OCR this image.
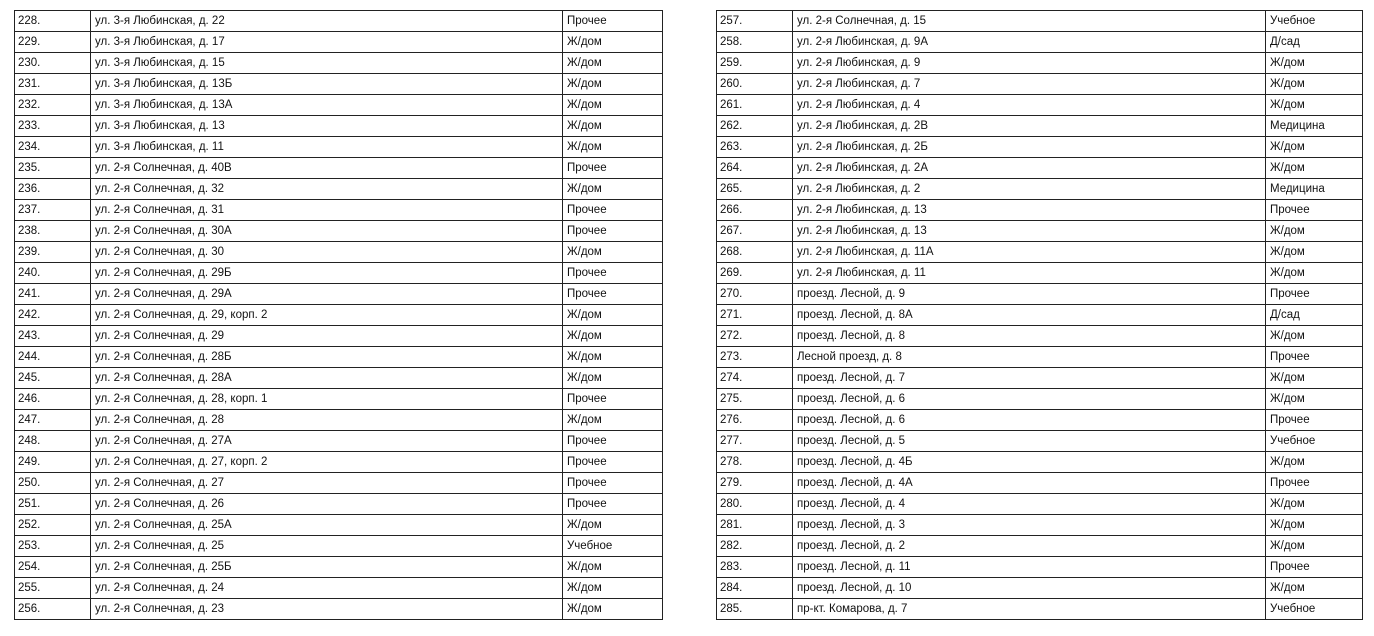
228.	ул. 3-я Любинская, д. 22	Прочее
229.	ул. 3-я Любинская, д. 17	Ж/дом
230.	ул. 3-я Любинская, д. 15	Ж/дом
231.	ул. 3-я Любинская, д. 13Б	Ж/дом
232.	ул. 3-я Любинская, д. 13А	Ж/дом
233.	ул. 3-я Любинская, д. 13	Ж/дом
234.	ул. 3-я Любинская, д. 11	Ж/дом
235.	ул. 2-я Солнечная, д. 40В	Прочее
236.	ул. 2-я Солнечная, д. 32	Ж/дом
237.	ул. 2-я Солнечная, д. 31	Прочее
238.	ул. 2-я Солнечная, д. 30А	Прочее
239.	ул. 2-я Солнечная, д. 30	Ж/дом
240.	ул. 2-я Солнечная, д. 29Б	Прочее
241.	ул. 2-я Солнечная, д. 29А	Прочее
242.	ул. 2-я Солнечная, д. 29, корп. 2	Ж/дом
243.	ул. 2-я Солнечная, д. 29	Ж/дом
244.	ул. 2-я Солнечная, д. 28Б	Ж/дом
245.	ул. 2-я Солнечная, д. 28А	Ж/дом
246.	ул. 2-я Солнечная, д. 28, корп. 1	Прочее
247.	ул. 2-я Солнечная, д. 28	Ж/дом
248.	ул. 2-я Солнечная, д. 27А	Прочее
249.	ул. 2-я Солнечная, д. 27, корп. 2	Прочее
250.	ул. 2-я Солнечная, д. 27	Прочее
251.	ул. 2-я Солнечная, д. 26	Прочее
252.	ул. 2-я Солнечная, д. 25А	Ж/дом
253.	ул. 2-я Солнечная, д. 25	Учебное
254.	ул. 2-я Солнечная, д. 25Б	Ж/дом
255.	ул. 2-я Солнечная, д. 24	Ж/дом
256.	ул. 2-я Солнечная, д. 23	Ж/дом
257.	ул. 2-я Солнечная, д. 15	Учебное
258.	ул. 2-я Любинская, д. 9А	Д/сад
259.	ул. 2-я Любинская, д. 9	Ж/дом
260.	ул. 2-я Любинская, д. 7	Ж/дом
261.	ул. 2-я Любинская, д. 4	Ж/дом
262.	ул. 2-я Любинская, д. 2В	Медицина
263.	ул. 2-я Любинская, д. 2Б	Ж/дом
264.	ул. 2-я Любинская, д. 2А	Ж/дом
265.	ул. 2-я Любинская, д. 2	Медицина
266.	ул. 2-я Любинская, д. 13	Прочее
267.	ул. 2-я Любинская, д. 13	Ж/дом
268.	ул. 2-я Любинская, д. 11А	Ж/дом
269.	ул. 2-я Любинская, д. 11	Ж/дом
270.	проезд. Лесной, д. 9	Прочее
271.	проезд. Лесной, д. 8А	Д/сад
272.	проезд. Лесной, д. 8	Ж/дом
273.	Лесной проезд, д. 8	Прочее
274.	проезд. Лесной, д. 7	Ж/дом
275.	проезд. Лесной, д. 6	Ж/дом
276.	проезд. Лесной, д. 6	Прочее
277.	проезд. Лесной, д. 5	Учебное
278.	проезд. Лесной, д. 4Б	Ж/дом
279.	проезд. Лесной, д. 4А	Прочее
280.	проезд. Лесной, д. 4	Ж/дом
281.	проезд. Лесной, д. 3	Ж/дом
282.	проезд. Лесной, д. 2	Ж/дом
283.	проезд. Лесной, д. 11	Прочее
284.	проезд. Лесной, д. 10	Ж/дом
285.	пр-кт. Комарова, д. 7	Учебное
